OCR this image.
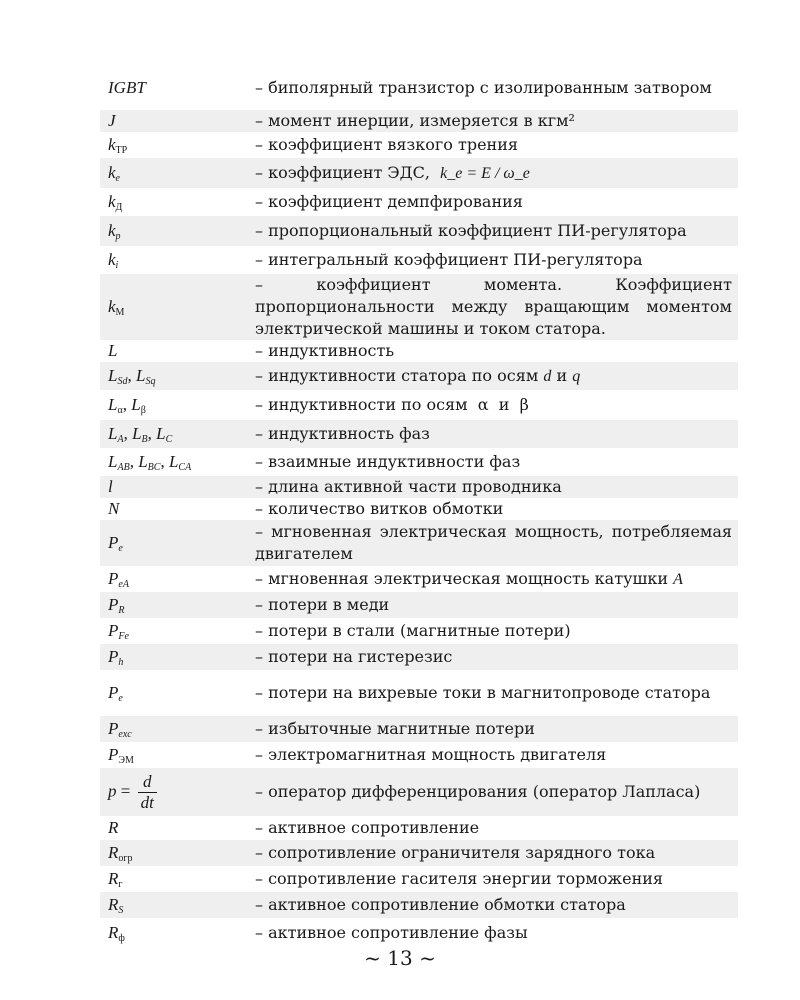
IGBT	– биполярный транзистор с изолированным затвором
J	– момент инерции, измеряется в кгм²
$k_{ТР}$	– коэффициент вязкого трения
$k_e$	– коэффициент ЭДС, k_e = E / ω_e
$k_Д$	– коэффициент демпфирования
$k_p$	– пропорциональный коэффициент ПИ-регулятора
$k_i$	– интегральный коэффициент ПИ-регулятора
$k_М$	– коэффициент момента. Коэффициент пропорциональности между вращающим моментом электрической машины и током статора.
L	– индуктивность
$L_{Sd}$, $L_{Sq}$	– индуктивности статора по осям d и q
$L_\alpha$, $L_\beta$	– индуктивности по осям α и β
$L_A$, $L_B$, $L_C$	– индуктивность фаз
$L_{AB}$, $L_{BC}$, $L_{CA}$	– взаимные индуктивности фаз
l	– длина активной части проводника
N	– количество витков обмотки
$P_e$	– мгновенная электрическая мощность, потребляемая двигателем
$P_{eA}$	– мгновенная электрическая мощность катушки A
$P_R$	– потери в меди
$P_{Fe}$	– потери в стали (магнитные потери)
$P_h$	– потери на гистерезис
$P_e$	– потери на вихревые токи в магнитопроводе статора
$P_{exc}$	– избыточные магнитные потери
$P_{ЭМ}$	– электромагнитная мощность двигателя
$p = \frac{d}{dt}$	– оператор дифференцирования (оператор Лапласа)
R	– активное сопротивление
$R_{огр}$	– сопротивление ограничителя зарядного тока
$R_г$	– сопротивление гасителя энергии торможения
$R_S$	– активное сопротивление обмотки статора
$R_ф$	– активное сопротивление фазы
~ 13 ~
